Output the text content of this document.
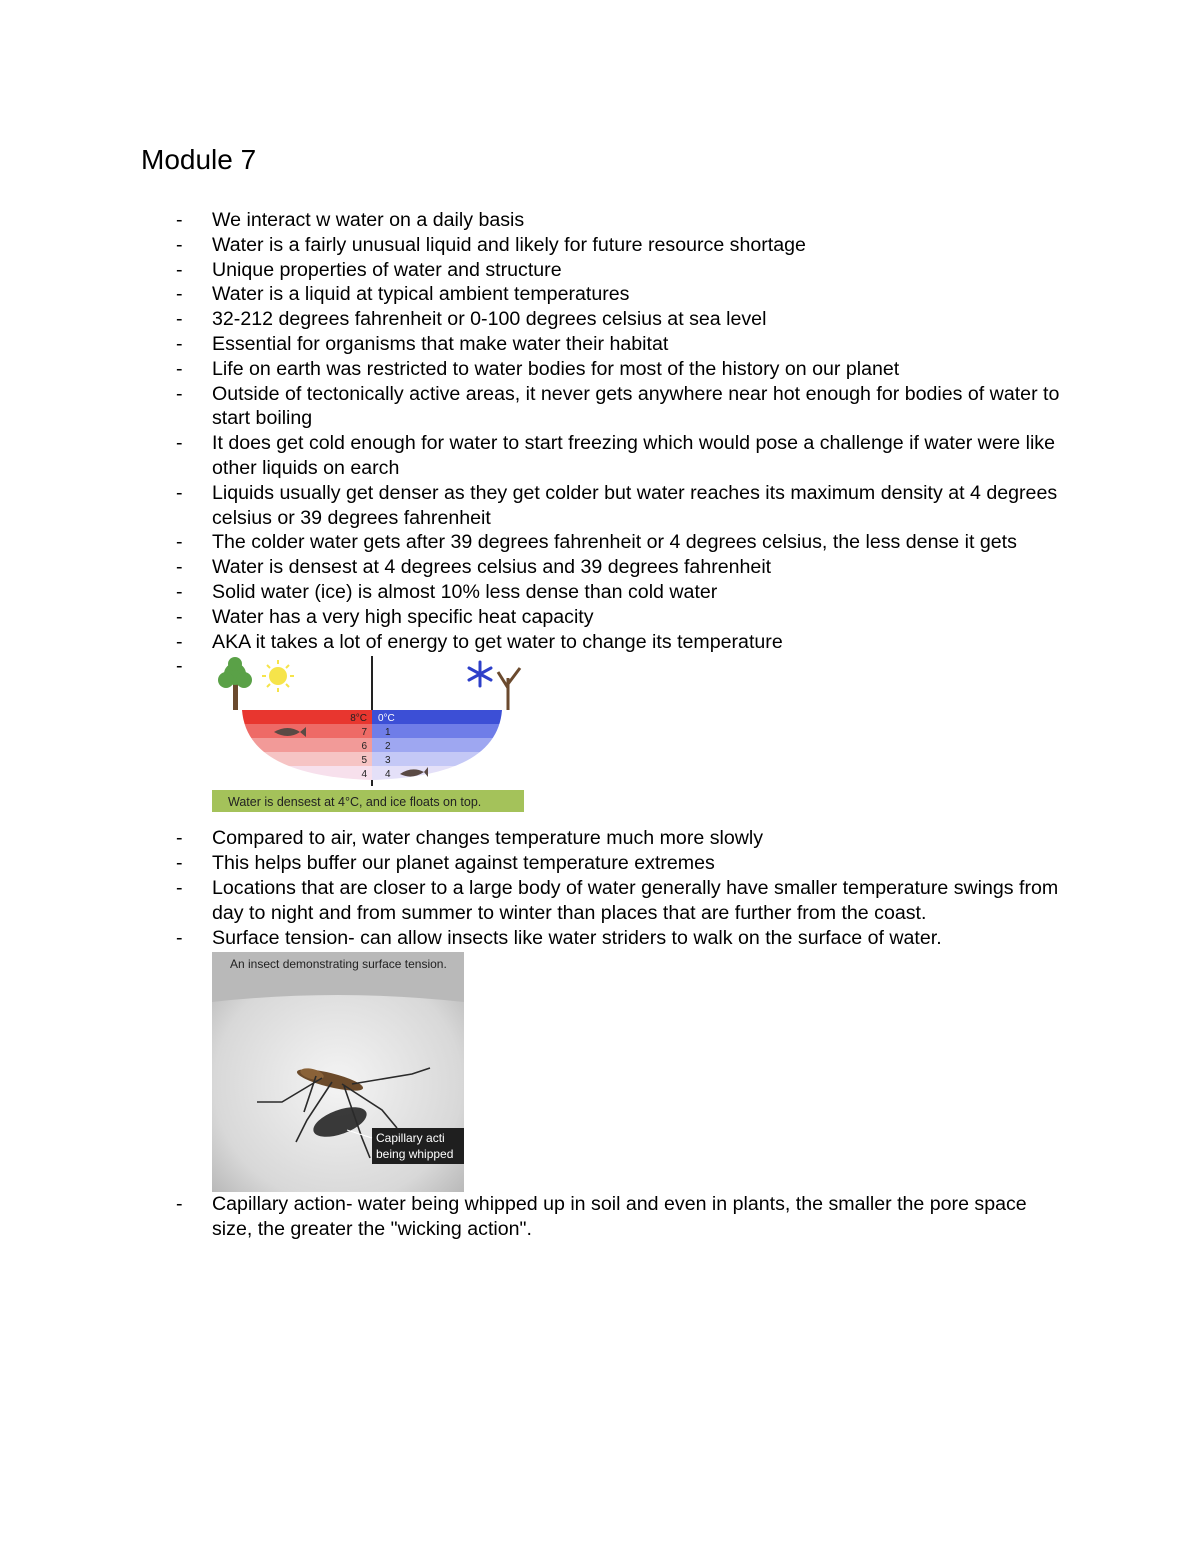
Module 7
-	We interact w water on a daily basis
-	Water is a fairly unusual liquid and likely for future resource shortage
-	Unique properties of water and structure
-	Water is a liquid at typical ambient temperatures
-	32-212 degrees fahrenheit or 0-100 degrees celsius at sea level
-	Essential for organisms that make water their habitat
-	Life on earth was restricted to water bodies for most of the history on our planet
-	Outside of tectonically active areas, it never gets anywhere near hot enough for bodies of water to start boiling
-	It does get cold enough for water to start freezing which would pose a challenge if water were like other liquids on earch
-	Liquids usually get denser as they get colder but water reaches its maximum density at 4 degrees celsius or 39 degrees fahrenheit
-	The colder water gets after 39 degrees fahrenheit or 4 degrees celsius, the less dense it gets
-	Water is densest at 4 degrees celsius and 39 degrees fahrenheit
-	Solid water (ice) is almost 10% less dense than cold water
-	Water has a very high specific heat capacity
-	AKA it takes a lot of energy to get water to change its temperature
-
8°C
7
6
5
4
0°C
1
2
3
4
Water is densest at 4°C, and ice floats on top.
-	Compared to air, water changes temperature much more slowly
-	This helps buffer our planet against temperature extremes
-	Locations that are closer to a large body of water generally have smaller temperature swings from day to night and from summer to winter than places that are further from the coast.
-	Surface tension- can allow insects like water striders to walk on the surface of water.
An insect demonstrating surface tension.
Capillary acti
being whipped
-	Capillary action- water being whipped up in soil and even in plants, the smaller the pore space size, the greater the "wicking action".
